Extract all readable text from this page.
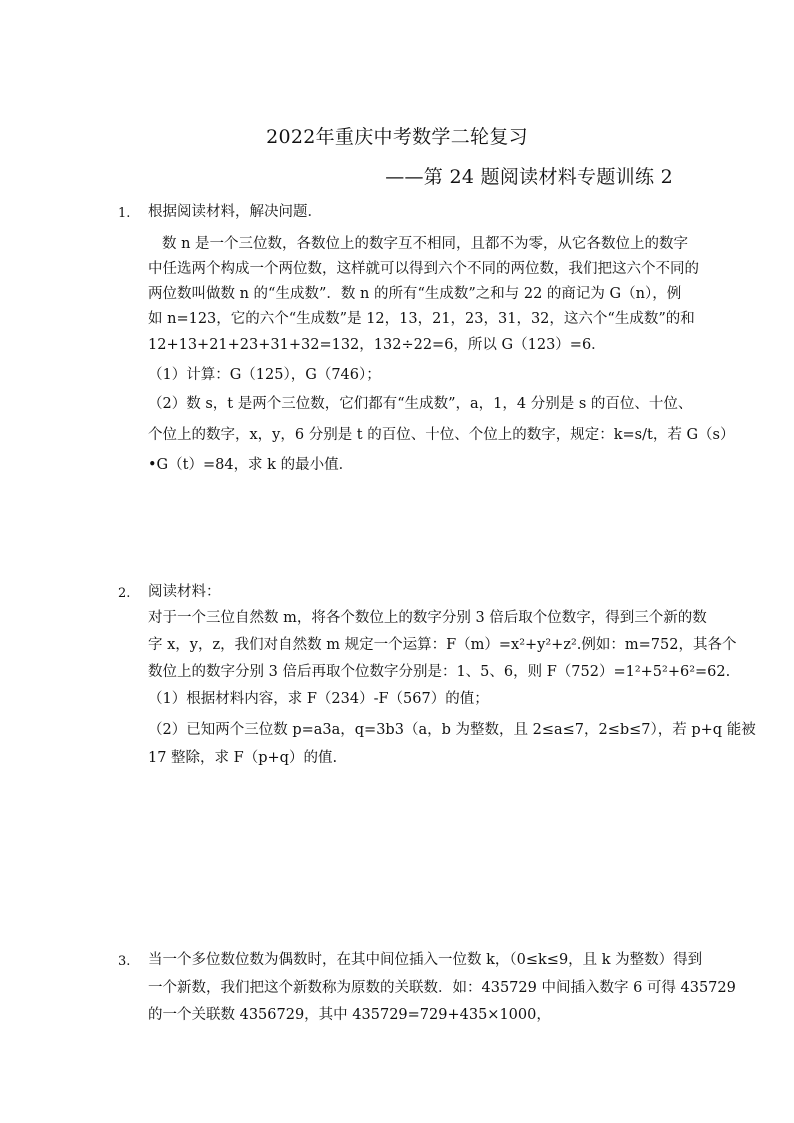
2022年重庆中考数学二轮复习
——第 24 题阅读材料专题训练 2
1. 根据阅读材料，解决问题．
数 n 是一个三位数，各数位上的数字互不相同，且都不为零，从它各数位上的数字
中任选两个构成一个两位数，这样就可以得到六个不同的两位数，我们把这六个不同的
两位数叫做数 n 的“生成数”．数 n 的所有“生成数”之和与 22 的商记为 G（n），例
如 n=123，它的六个“生成数”是 12，13，21，23，31，32，这六个“生成数”的和
12+13+21+23+31+32=132，132÷22=6，所以 G（123）=6．
（1）计算：G（125），G（746）；
（2）数 s，t 是两个三位数，它们都有“生成数”，a，1，4 分别是 s 的百位、十位、
个位上的数字，x，y，6 分别是 t 的百位、十位、个位上的数字，规定：k=s/t，若 G（s）
•G（t）=84，求 k 的最小值．
2. 阅读材料：
对于一个三位自然数 m，将各个数位上的数字分别 3 倍后取个位数字，得到三个新的数
字 x，y，z，我们对自然数 m 规定一个运算：F（m）=x²+y²+z².例如：m=752，其各个
数位上的数字分别 3 倍后再取个位数字分别是：1、5、6，则 F（752）=1²+5²+6²=62.
（1）根据材料内容，求 F（234）-F（567）的值；
（2）已知两个三位数 p=a3a，q=3b3（a，b 为整数，且 2≤a≤7，2≤b≤7），若 p+q 能被
17 整除，求 F（p+q）的值.
3. 当一个多位数位数为偶数时，在其中间位插入一位数 k，（0≤k≤9，且 k 为整数）得到
一个新数，我们把这个新数称为原数的关联数．如：435729 中间插入数字 6 可得 435729
的一个关联数 4356729，其中 435729=729+435×1000，
